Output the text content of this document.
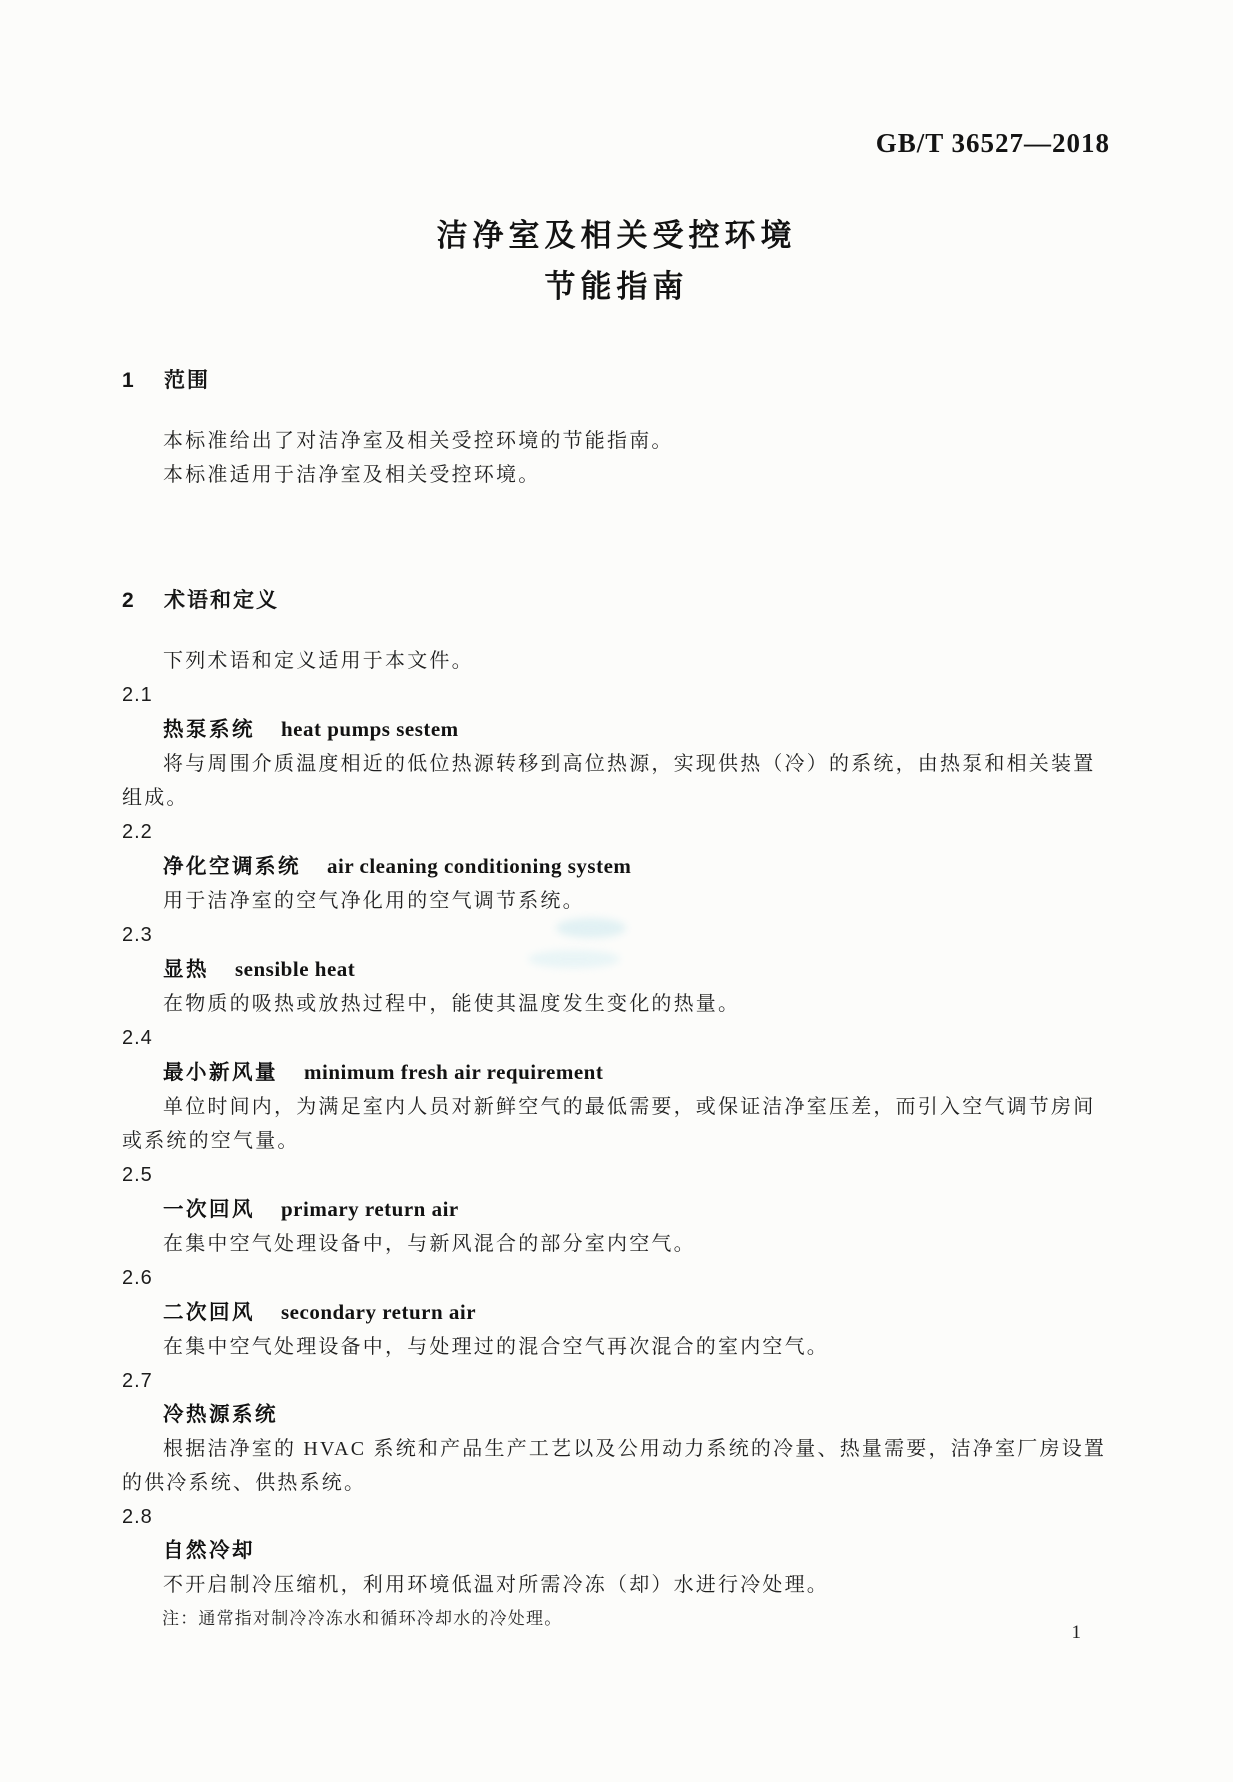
GB/T 36527—2018
洁净室及相关受控环境
节能指南
1 范围

本标准给出了对洁净室及相关受控环境的节能指南。

本标准适用于洁净室及相关受控环境。

2 术语和定义

下列术语和定义适用于本文件。

2.1

热泵系统 heat pumps sestem

将与周围介质温度相近的低位热源转移到高位热源，实现供热（冷）的系统，由热泵和相关装置组成。

2.2

净化空调系统 air cleaning conditioning system

用于洁净室的空气净化用的空气调节系统。

2.3

显热 sensible heat

在物质的吸热或放热过程中，能使其温度发生变化的热量。

2.4

最小新风量 minimum fresh air requirement

单位时间内，为满足室内人员对新鲜空气的最低需要，或保证洁净室压差，而引入空气调节房间或系统的空气量。

2.5

一次回风 primary return air

在集中空气处理设备中，与新风混合的部分室内空气。

2.6

二次回风 secondary return air

在集中空气处理设备中，与处理过的混合空气再次混合的室内空气。

2.7

冷热源系统

根据洁净室的 HVAC 系统和产品生产工艺以及公用动力系统的冷量、热量需要，洁净室厂房设置的供冷系统、供热系统。

2.8

自然冷却

不开启制冷压缩机，利用环境低温对所需冷冻（却）水进行冷处理。

注：通常指对制冷冷冻水和循环冷却水的冷处理。

1
